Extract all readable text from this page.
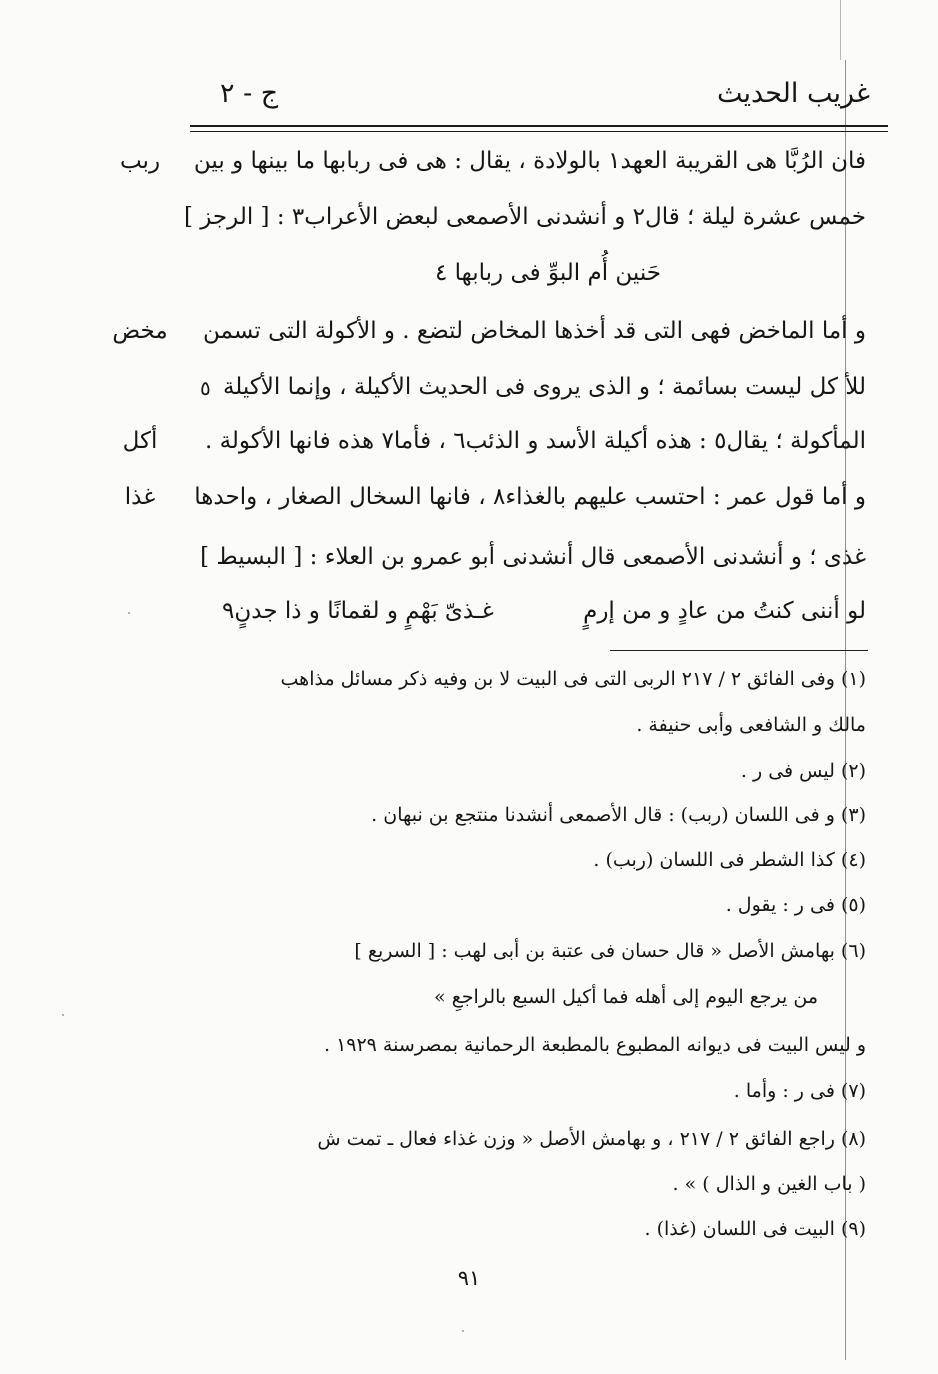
غريب الحديث
ج - ٢
ربب
مخض
أكل
غذا
فان الرُبَّا هى القريبة العهد١ بالولادة ، يقال : هى فى ربابها ما بينها و بين
خمس عشرة ليلة ؛ قال٢ و أنشدنى الأصمعى لبعض الأعراب٣ : [ الرجز ]
حَنين أُم البوِّ فى ربابها ٤
و أما الماخض فهى التى قد أخذها المخاض لتضع . و الأكولة التى تسمن
للأ كل ليست بسائمة ؛ و الذى يروى فى الحديث الأكيلة ، وإنما الأكيلة
٥
المأكولة ؛ يقال٥ : هذه أكيلة الأسد و الذئب٦ ، فأما٧ هذه فانها الأكولة .
و أما قول عمر : احتسب عليهم بالغذاء٨ ، فانها السخال الصغار ، واحدها
غذى ؛ و أنشدنى الأصمعى قال أنشدنى أبو عمرو بن العلاء : [ البسيط ]
لو أننى كنتُ من عادٍ و من إرمٍ
غـذىّ بَهْمٍ و لقمانًا و ذا جدنٍ٩
(١) وفى الفائق ٢ / ٢١٧ الربى التى فى البيت لا بن وفيه ذكر مسائل مذاهب
مالك و الشافعى وأبى حنيفة .
(٢) ليس فى ر .
(٣) و فى اللسان (ربب) : قال الأصمعى أنشدنا منتجع بن نبهان .
(٤) كذا الشطر فى اللسان (ربب) .
(٥) فى ر : يقول .
(٦) بهامش الأصل « قال حسان فى عتبة بن أبى لهب : [ السريع ]
من يرجع اليوم إلى أهله فما أكيل السبع بالراجعِ »
و ليس البيت فى ديوانه المطبوع بالمطبعة الرحمانية بمصرسنة ١٩٢٩ .
(٧) فى ر : وأما .
(٨) راجع الفائق ٢ / ٢١٧ ، و بهامش الأصل « وزن غذاء فعال ـ تمت ش
( باب الغين و الذال ) » .
(٩) البيت فى اللسان (غذا) .
٩١
